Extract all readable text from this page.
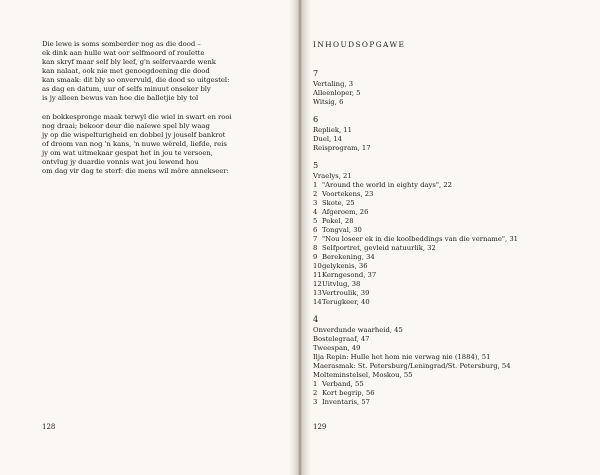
Die lewe is soms somberder nog as die dood –
ek dink aan hulle wat oor selfmoord of roulette
kan skryf maar self bly leef, g'n selfervaarde wenk
kan nalaat, ook nie met genoegdoening die dood
kan smaak: dit bly so onvervuld, die dood so uitgestel:
as dag en datum, uur of selfs minuut onseker bly
is jy alleen bewus van hoe die balletjie bly tol
en bokkespronge maak terwyl die wiel in swart en rooi
nog draai; bekoor deur die naïewe spel bly waag
jy op die wispelturigheid en dobbel jy jouself bankrot
of droom van nog 'n kans, 'n nuwe wêreld, liefde, reis
jy om wat uitmekaar gespat het in jou te versoen,
ontvlug jy duardie vonnis wat jou lewend hou
om dag vir dag te sterf: die mens wil môre annekseer:
128
INHOUDSOPGAWE
7
Vertaling, 3
Alleenloper, 5
Witsig, 6
6
Repliek, 11
Duel, 14
Reisprogram, 17
5
Vraelys, 21
1 "Around the world in eighty days", 22
2 Voortekens, 23
3 Skote, 25
4 Afgeroem, 26
5 Pekel, 28
6 Tongval, 30
7 "Nou loseer ek in die koolbeddings van die vername", 31
8 Selfportret, gevleid natuurlik, 32
9 Berekening, 34
10gelykenis, 36
11Kerngesond, 37
12Uitvlug, 38
13Vertroulik, 39
14Terugkeer, 40
4
Onverdunde waarheid, 45
Bostelegraaf, 47
Tweespan, 49
Ilja Repin: Hulle het hom nie verwag nie (1884), 51
Maerasmak: St. Petersburg/Leningrad/St. Petersburg, 54
Molteminstelsel, Moskou, 55
1 Verband, 55
2 Kort begrip, 56
3 Inventaris, 57
129
